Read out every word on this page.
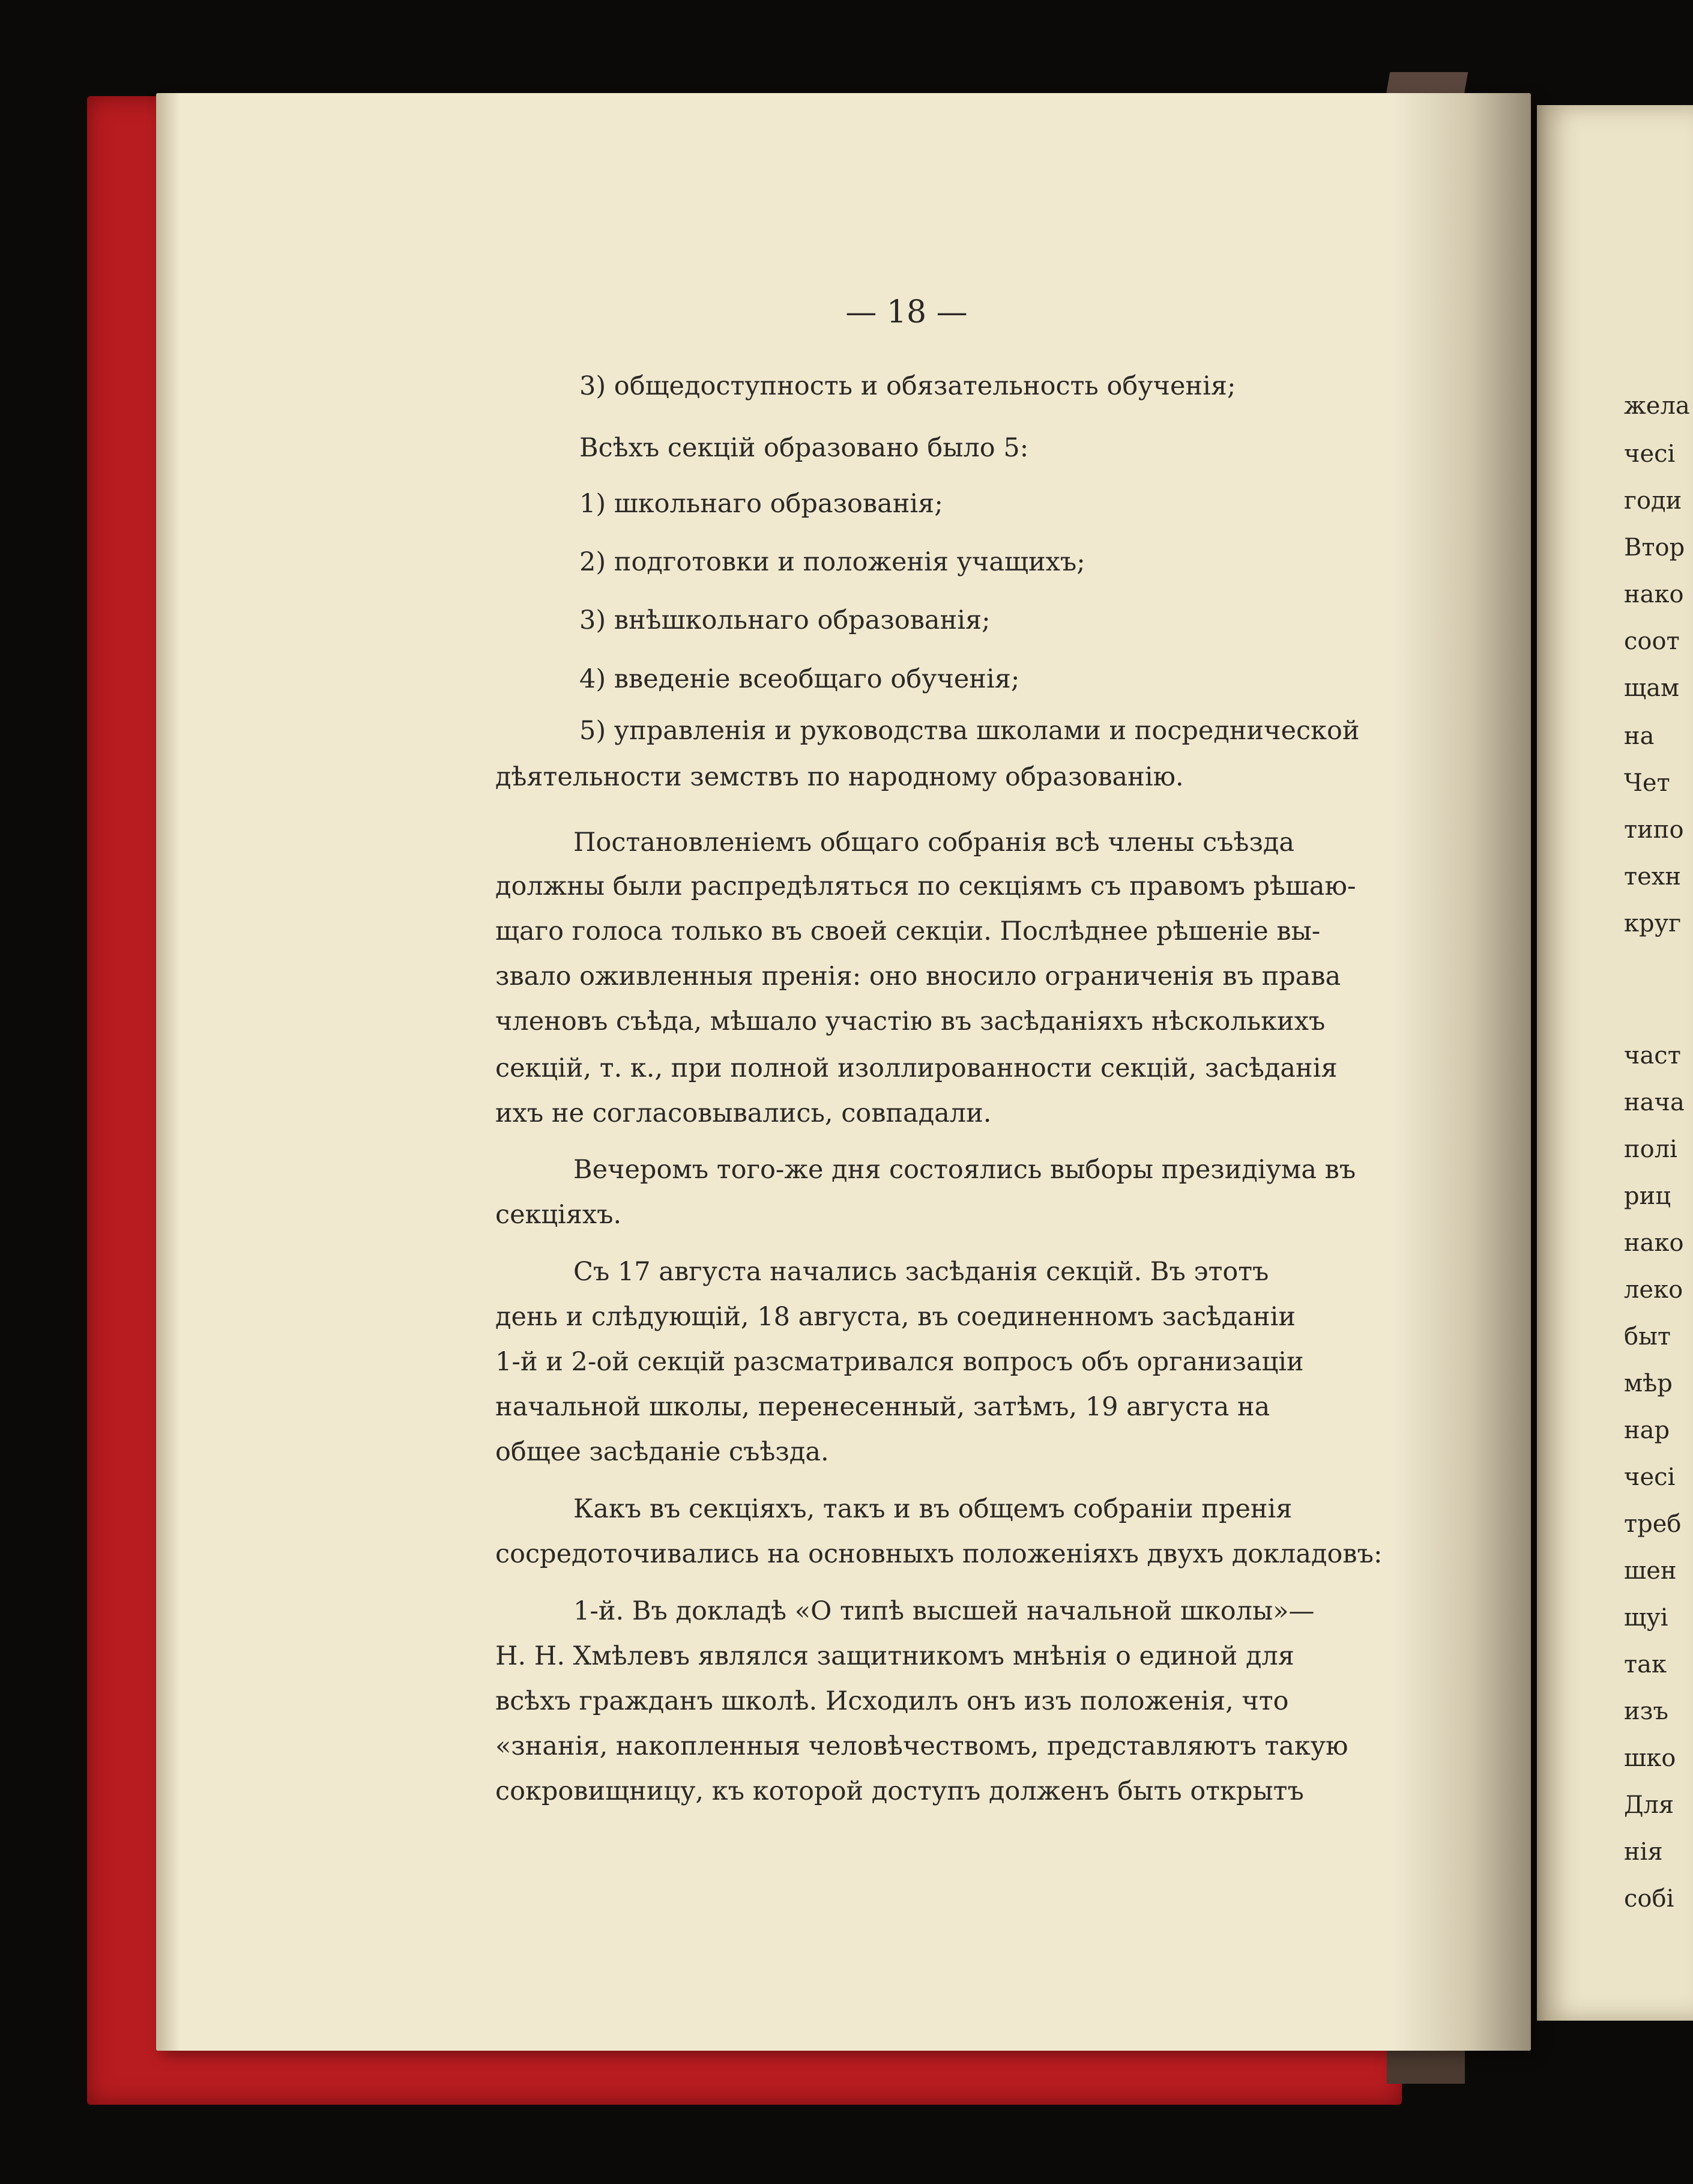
жела
чесі
годи
Втор
нако
соот
щам
на
Чет
типо
техн
круг
част
нача
полі
риц
нако
леко
быт
мѣр
нар
чесі
треб
шен
щуі
так
изъ
шко
Для
нія
собі
— 18 —
3) общедоступность и обязательность обученія;
Всѣхъ секцій образовано было 5:
1) школьнаго образованія;
2) подготовки и положенія учащихъ;
3) внѣшкольнаго образованія;
4) введеніе всеобщаго обученія;
5) управленія и руководства школами и посреднической
дѣятельности земствъ по народному образованію.
Постановленіемъ общаго собранія всѣ члены съѣзда
должны были распредѣляться по секціямъ съ правомъ рѣшаю-
щаго голоса только въ своей секціи. Послѣднее рѣшеніе вы-
звало оживленныя пренія: оно вносило ограниченія въ права
членовъ съѣда, мѣшало участію въ засѣданіяхъ нѣсколькихъ
секцій, т. к., при полной изоллированности секцій, засѣданія
ихъ не согласовывались, совпадали.
Вечеромъ того-же дня состоялись выборы президіума въ
секціяхъ.
Съ 17 августа начались засѣданія секцій. Въ этотъ
день и слѣдующій, 18 августа, въ соединенномъ засѣданіи
1-й и 2-ой секцій разсматривался вопросъ объ организаціи
начальной школы, перенесенный, затѣмъ, 19 августа на
общее засѣданіе съѣзда.
Какъ въ секціяхъ, такъ и въ общемъ собраніи пренія
сосредоточивались на основныхъ положеніяхъ двухъ докладовъ:
1-й. Въ докладѣ «О типѣ высшей начальной школы»—
Н. Н. Хмѣлевъ являлся защитникомъ мнѣнія о единой для
всѣхъ гражданъ школѣ. Исходилъ онъ изъ положенія, что
«знанія, накопленныя человѣчествомъ, представляютъ такую
сокровищницу, къ которой доступъ долженъ быть открытъ
